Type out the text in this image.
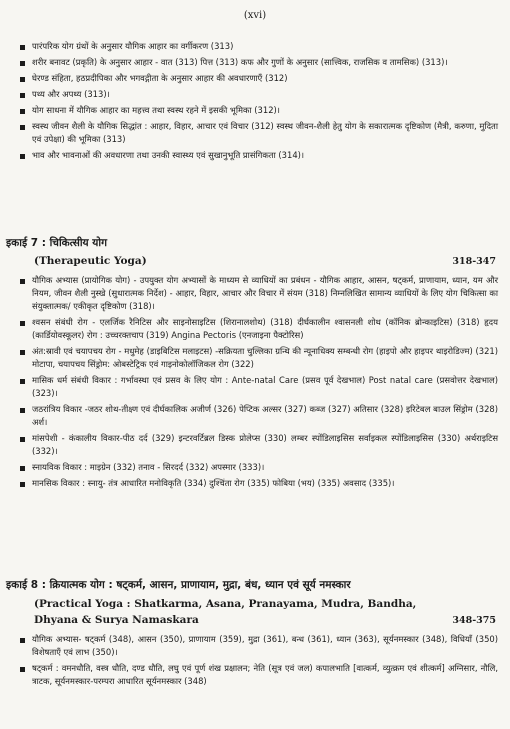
(xvi)
पारंपरिक योग ग्रंथों के अनुसार यौगिक आहार का वर्गीकरण (313)
शरीर बनावट (प्रकृति) के अनुसार आहार - वात (313) पित्त (313) कफ और गुणों के अनुसार (सात्त्विक, राजसिक व तामसिक) (313)।
घेरण्ड संहिता, हठप्रदीपिका और भगवद्गीता के अनुसार आहार की अवधारणाएँ (312)
पथ्य और अपथ्य (313)।
योग साधना में यौगिक आहार का महत्त्व तथा स्वस्थ रहने में इसकी भूमिका (312)।
स्वस्थ जीवन शैली के यौगिक सिद्धांत : आहार, विहार, आचार एवं विचार (312) स्वस्थ जीवन-शैली हेतु योग के सकारात्मक दृष्टिकोण (मैत्री, करुणा, मुदिता एवं उपेक्षा) की भूमिका (313)
भाव और भावनाओं की अवधारणा तथा उनकी स्वास्थ्य एवं सुखानुभूति प्रासंगिकता (314)।
इकाई 7 : चिकित्सीय योग
(Therapeutic Yoga)	318-347
यौगिक अभ्यास (प्रायोगिक योग) - उपयुक्त योग अभ्यासों के माध्यम से व्याधियों का प्रबंधन - यौगिक आहार, आसन, षट्कर्म, प्राणायाम, ध्यान, यम और नियम, जीवन शैली नुस्खे (सुधारात्मक निर्देश) - आहार, विहार, आचार और विचार में संयम (318) निम्नलिखित सामान्य व्याधियों के लिए योग चिकित्सा का संयुक्तात्मक/ एकीकृत दृष्टिकोण (318)।
श्वसन संबंधी रोग - एलर्जिक रैनिटिस और साइनोसाइटिस (शिरानालशोथ) (318) दीर्घकालीन श्वासनली शोथ (कॉनिक ब्रोन्काइटिस) (318) हृदय (कार्डियोवस्कूलर) रोग : उच्चरक्तचाप (319) Angina Pectoris (एनजाइना पैक्टोरिस)
अंत:स्रावी एवं चयापचय रोग - मधुमेह (डाइबिटिस मलाइटस) -सक्रियता चुल्लिका ग्रन्थि की न्यूनाधिक्य सम्बन्धी रोग (हाइपो और हाइपर थाइरोडिज्म) (321) मोटापा, चयापचय सिंड्रोम: ओबस्टेट्रिक एवं गाइनोकोलॉजिकल रोग (322)
मासिक धर्म संबंधी विकार : गर्भावस्था एवं प्रसव के लिए योग : Ante-natal Care (प्रसव पूर्व देखभाल) Post natal care (प्रसवोत्तर देखभाल) (323)।
जठरांत्रिय विकार -जठर शोथ-तीक्ष्ण एवं दीर्घकालिक अजीर्ण (326) पेप्टिक अल्सर (327) कब्ज (327) अतिसार (328) इरिटेबल बाउल सिंड्रोम (328) अर्श।
मांसपेशी - कंकालीय विकार-पीठ दर्द (329) इन्टरवर्टिब्रल डिस्क प्रोलेप्स (330) लम्बर स्पोंडिलाइसिस सर्वाइकल स्पोंडिलाइसिस (330) अर्थराइटिस (332)।
स्नायविक विकार : माइग्रेन (332) तनाव - सिरदर्द (332) अपस्मार (333)।
मानसिक विकार : स्नायु- तंत्र आधारित मनोविकृति (334) दुश्चिंता रोग (335) फोबिया (भय) (335) अवसाद (335)।
इकाई 8 : क्रियात्मक योग : षट्कर्म, आसन, प्राणायाम, मुद्रा, बंध, ध्यान एवं सूर्य नमस्कार
(Practical Yoga : Shatkarma, Asana, Pranayama, Mudra, Bandha,
Dhyana & Surya Namaskara	348-375
यौगिक अभ्यास- षट्कर्म (348), आसन (350), प्राणायाम (359), मुद्रा (361), बन्ध (361), ध्यान (363), सूर्यनमस्कार (348), विधियाँ (350) विशेषताएँ एवं लाभ (350)।
षट्कर्म : वमनधौति, वस्त्र धौति, दण्ड धौति, लघु एवं पूर्ण शंख प्रक्षालन; नेति (सूत्र एवं जल) कपालभाति [वात्कर्म, व्युत्क्रम एवं शीत्कर्म] अग्निसार, नौलि, त्राटक, सूर्यनमस्कार-परम्परा आधारित सूर्यनमस्कार (348)
